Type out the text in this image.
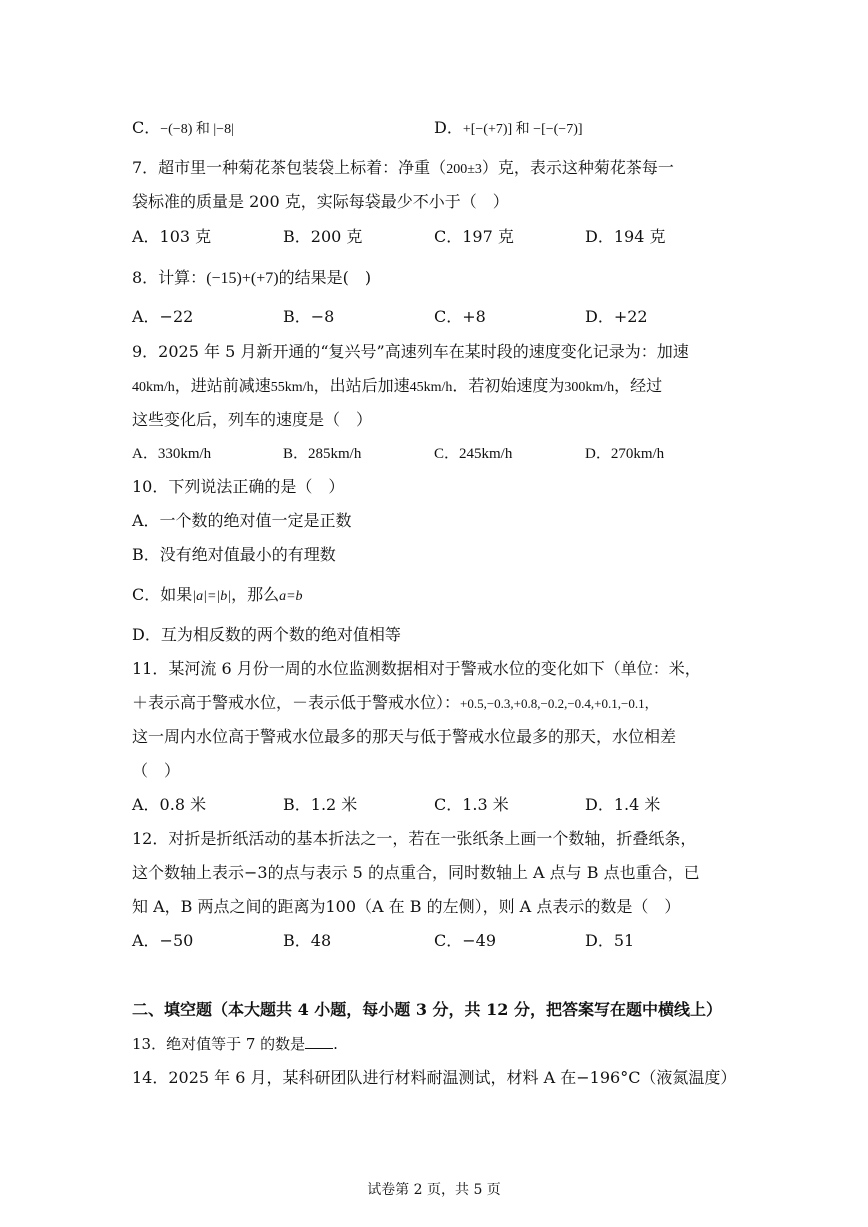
C．−(−8) 和 |−8|	D．+[−(+7)] 和 −[−(−7)]
7．超市里一种菊花茶包装袋上标着：净重（200±3）克，表示这种菊花茶每一
袋标准的质量是 200 克，实际每袋最少不小于（　）
A．103 克	B．200 克	C．197 克	D．194 克
8．计算：(−15)+(+7)的结果是(　)
A．−22	B．−8	C．+8	D．+22
9．2025 年 5 月新开通的“复兴号”高速列车在某时段的速度变化记录为：加速
40km/h，进站前减速55km/h，出站后加速45km/h．若初始速度为300km/h，经过
这些变化后，列车的速度是（　）
A．330km/h	B．285km/h	C．245km/h	D．270km/h
10．下列说法正确的是（　）
A．一个数的绝对值一定是正数
B．没有绝对值最小的有理数
C．如果|a|=|b|，那么a=b
D．互为相反数的两个数的绝对值相等
11．某河流 6 月份一周的水位监测数据相对于警戒水位的变化如下（单位：米，
＋表示高于警戒水位，－表示低于警戒水位）：+0.5,−0.3,+0.8,−0.2,−0.4,+0.1,−0.1，
这一周内水位高于警戒水位最多的那天与低于警戒水位最多的那天，水位相差
（　）
A．0.8 米	B．1.2 米	C．1.3 米	D．1.4 米
12．对折是折纸活动的基本折法之一，若在一张纸条上画一个数轴，折叠纸条，
这个数轴上表示−3的点与表示 5 的点重合，同时数轴上 A 点与 B 点也重合，已
知 A，B 两点之间的距离为100（A 在 B 的左侧），则 A 点表示的数是（　）
A．−50	B．48	C．−49	D．51
二、填空题（本大题共 4 小题，每小题 3 分，共 12 分，把答案写在题中横线上）
13．绝对值等于 7 的数是 .
14．2025 年 6 月，某科研团队进行材料耐温测试，材料 A 在−196°C（液氮温度）
试卷第 2 页，共 5 页
